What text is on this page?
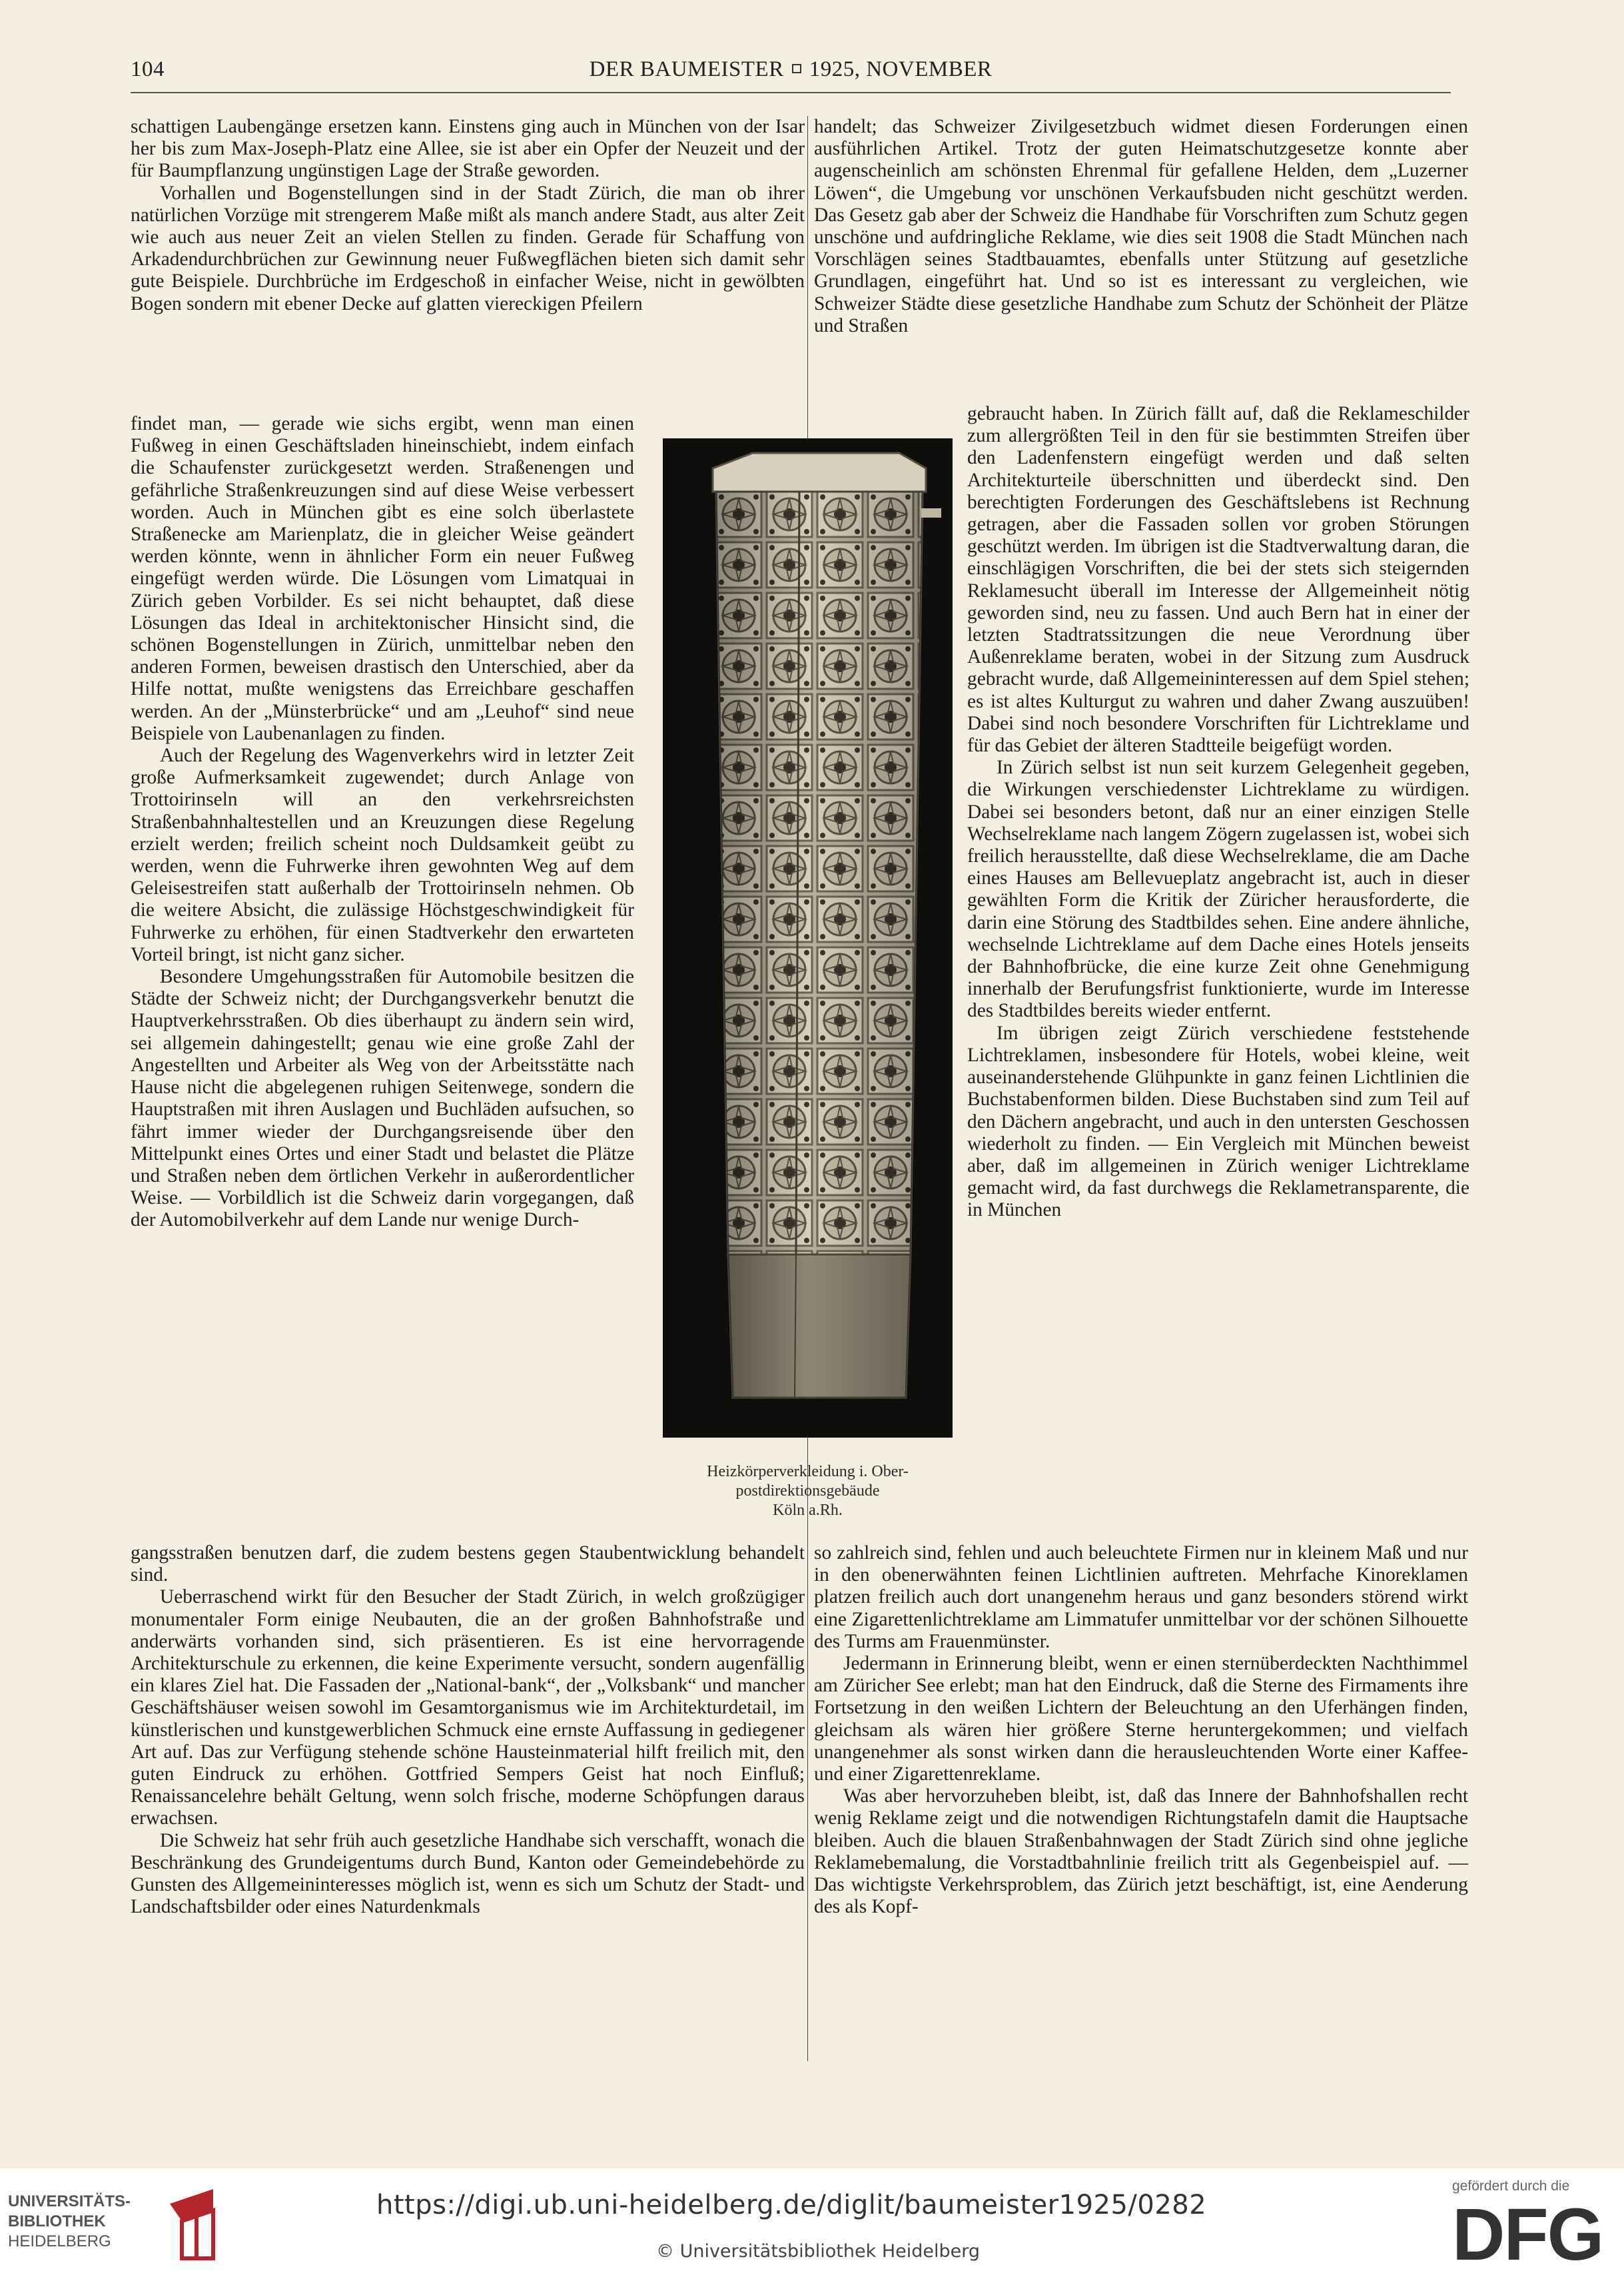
104	DER BAUMEISTER 1925, NOVEMBER

schattigen Laubengänge ersetzen kann. Einstens ging auch in München von der Isar her bis zum Max-Joseph-Platz eine Allee, sie ist aber ein Opfer der Neuzeit und der für Baumpflanzung ungünstigen Lage der Straße geworden.

Vorhallen und Bogenstellungen sind in der Stadt Zürich, die man ob ihrer natürlichen Vorzüge mit strengerem Maße mißt als manch andere Stadt, aus alter Zeit wie auch aus neuer Zeit an vielen Stellen zu finden. Gerade für Schaffung von Arkadendurchbrüchen zur Gewinnung neuer Fußwegflächen bieten sich damit sehr gute Beispiele. Durchbrüche im Erdgeschoß in einfacher Weise, nicht in gewölbten Bogen sondern mit ebener Decke auf glatten viereckigen Pfeilern

findet man, — gerade wie sichs ergibt, wenn man einen Fußweg in einen Geschäftsladen hineinschiebt, indem einfach die Schaufenster zurückgesetzt werden. Straßenengen und gefährliche Straßenkreuzungen sind auf diese Weise verbessert worden. Auch in München gibt es eine solch überlastete Straßenecke am Marienplatz, die in gleicher Weise geändert werden könnte, wenn in ähnlicher Form ein neuer Fußweg eingefügt werden würde. Die Lösungen vom Limatquai in Zürich geben Vorbilder. Es sei nicht behauptet, daß diese Lösungen das Ideal in architektonischer Hinsicht sind, die schönen Bogenstellungen in Zürich, unmittelbar neben den anderen Formen, beweisen drastisch den Unterschied, aber da Hilfe nottat, mußte wenigstens das Erreichbare geschaffen werden. An der „Münsterbrücke“ und am „Leuhof“ sind neue Beispiele von Laubenanlagen zu finden.

Auch der Regelung des Wagenverkehrs wird in letzter Zeit große Aufmerksamkeit zugewendet; durch Anlage von Trottoirinseln will an den verkehrsreichsten Straßenbahnhaltestellen und an Kreuzungen diese Regelung erzielt werden; freilich scheint noch Duldsamkeit geübt zu werden, wenn die Fuhrwerke ihren gewohnten Weg auf dem Geleisestreifen statt außerhalb der Trottoirinseln nehmen. Ob die weitere Absicht, die zulässige Höchstgeschwindigkeit für Fuhrwerke zu erhöhen, für einen Stadtverkehr den erwarteten Vorteil bringt, ist nicht ganz sicher.

Besondere Umgehungsstraßen für Automobile besitzen die Städte der Schweiz nicht; der Durchgangsverkehr benutzt die Hauptverkehrsstraßen. Ob dies überhaupt zu ändern sein wird, sei allgemein dahingestellt; genau wie eine große Zahl der Angestellten und Arbeiter als Weg von der Arbeitsstätte nach Hause nicht die abgelegenen ruhigen Seitenwege, sondern die Hauptstraßen mit ihren Auslagen und Buchläden aufsuchen, so fährt immer wieder der Durchgangsreisende über den Mittelpunkt eines Ortes und einer Stadt und belastet die Plätze und Straßen neben dem örtlichen Verkehr in außerordentlicher Weise. — Vorbildlich ist die Schweiz darin vorgegangen, daß der Automobilverkehr auf dem Lande nur wenige Durch-

gangsstraßen benutzen darf, die zudem bestens gegen Staubentwicklung behandelt sind.

Ueberraschend wirkt für den Besucher der Stadt Zürich, in welch großzügiger monumentaler Form einige Neubauten, die an der großen Bahnhofstraße und anderwärts vorhanden sind, sich präsentieren. Es ist eine hervorragende Architekturschule zu erkennen, die keine Experimente versucht, sondern augenfällig ein klares Ziel hat. Die Fassaden der „National-bank“, der „Volksbank“ und mancher Geschäftshäuser weisen sowohl im Gesamtorganismus wie im Architekturdetail, im künstlerischen und kunstgewerblichen Schmuck eine ernste Auffassung in gediegener Art auf. Das zur Verfügung stehende schöne Hausteinmaterial hilft freilich mit, den guten Eindruck zu erhöhen. Gottfried Sempers Geist hat noch Einfluß; Renaissancelehre behält Geltung, wenn solch frische, moderne Schöpfungen daraus erwachsen.

Die Schweiz hat sehr früh auch gesetzliche Handhabe sich verschafft, wonach die Beschränkung des Grundeigentums durch Bund, Kanton oder Gemeindebehörde zu Gunsten des Allgemeininteresses möglich ist, wenn es sich um Schutz der Stadt- und Landschaftsbilder oder eines Naturdenkmals

handelt; das Schweizer Zivilgesetzbuch widmet diesen Forderungen einen ausführlichen Artikel. Trotz der guten Heimatschutzgesetze konnte aber augenscheinlich am schönsten Ehrenmal für gefallene Helden, dem „Luzerner Löwen“, die Umgebung vor unschönen Verkaufsbuden nicht geschützt werden. Das Gesetz gab aber der Schweiz die Handhabe für Vorschriften zum Schutz gegen unschöne und aufdringliche Reklame, wie dies seit 1908 die Stadt München nach Vorschlägen seines Stadtbauamtes, ebenfalls unter Stützung auf gesetzliche Grundlagen, eingeführt hat. Und so ist es interessant zu vergleichen, wie Schweizer Städte diese gesetzliche Handhabe zum Schutz der Schönheit der Plätze und Straßen

gebraucht haben. In Zürich fällt auf, daß die Reklameschilder zum allergrößten Teil in den für sie bestimmten Streifen über den Ladenfenstern eingefügt werden und daß selten Architekturteile überschnitten und überdeckt sind. Den berechtigten Forderungen des Geschäftslebens ist Rechnung getragen, aber die Fassaden sollen vor groben Störungen geschützt werden. Im übrigen ist die Stadtverwaltung daran, die einschlägigen Vorschriften, die bei der stets sich steigernden Reklamesucht überall im Interesse der Allgemeinheit nötig geworden sind, neu zu fassen. Und auch Bern hat in einer der letzten Stadtratssitzungen die neue Verordnung über Außenreklame beraten, wobei in der Sitzung zum Ausdruck gebracht wurde, daß Allgemeininteressen auf dem Spiel stehen; es ist altes Kulturgut zu wahren und daher Zwang auszuüben! Dabei sind noch besondere Vorschriften für Lichtreklame und für das Gebiet der älteren Stadtteile beigefügt worden.

In Zürich selbst ist nun seit kurzem Gelegenheit gegeben, die Wirkungen verschiedenster Lichtreklame zu würdigen. Dabei sei besonders betont, daß nur an einer einzigen Stelle Wechselreklame nach langem Zögern zugelassen ist, wobei sich freilich herausstellte, daß diese Wechselreklame, die am Dache eines Hauses am Bellevueplatz angebracht ist, auch in dieser gewählten Form die Kritik der Züricher herausforderte, die darin eine Störung des Stadtbildes sehen. Eine andere ähnliche, wechselnde Lichtreklame auf dem Dache eines Hotels jenseits der Bahnhofbrücke, die eine kurze Zeit ohne Genehmigung innerhalb der Berufungsfrist funktionierte, wurde im Interesse des Stadtbildes bereits wieder entfernt.

Im übrigen zeigt Zürich verschiedene feststehende Lichtreklamen, insbesondere für Hotels, wobei kleine, weit auseinanderstehende Glühpunkte in ganz feinen Lichtlinien die Buchstabenformen bilden. Diese Buchstaben sind zum Teil auf den Dächern angebracht, und auch in den untersten Geschossen wiederholt zu finden. — Ein Vergleich mit München beweist aber, daß im allgemeinen in Zürich weniger Lichtreklame gemacht wird, da fast durchwegs die Reklametransparente, die in München

so zahlreich sind, fehlen und auch beleuchtete Firmen nur in kleinem Maß und nur in den obenerwähnten feinen Lichtlinien auftreten. Mehrfache Kinoreklamen platzen freilich auch dort unangenehm heraus und ganz besonders störend wirkt eine Zigarettenlichtreklame am Limmatufer unmittelbar vor der schönen Silhouette des Turms am Frauenmünster.

Jedermann in Erinnerung bleibt, wenn er einen sternüberdeckten Nachthimmel am Züricher See erlebt; man hat den Eindruck, daß die Sterne des Firmaments ihre Fortsetzung in den weißen Lichtern der Beleuchtung an den Uferhängen finden, gleichsam als wären hier größere Sterne heruntergekommen; und vielfach unangenehmer als sonst wirken dann die herausleuchtenden Worte einer Kaffee- und einer Zigarettenreklame.

Was aber hervorzuheben bleibt, ist, daß das Innere der Bahnhofshallen recht wenig Reklame zeigt und die notwendigen Richtungstafeln damit die Hauptsache bleiben. Auch die blauen Straßenbahnwagen der Stadt Zürich sind ohne jegliche Reklamebemalung, die Vorstadtbahnlinie freilich tritt als Gegenbeispiel auf. — Das wichtigste Verkehrsproblem, das Zürich jetzt beschäftigt, ist, eine Aenderung des als Kopf-

Heizkörperverkleidung i. Ober-
postdirektionsgebäude
Köln a.Rh.
UNIVERSITÄTS-
BIBLIOTHEK
HEIDELBERG
https://digi.ub.uni-heidelberg.de/diglit/baumeister1925/0282
© Universitätsbibliothek Heidelberg
gefördert durch die
DFG
